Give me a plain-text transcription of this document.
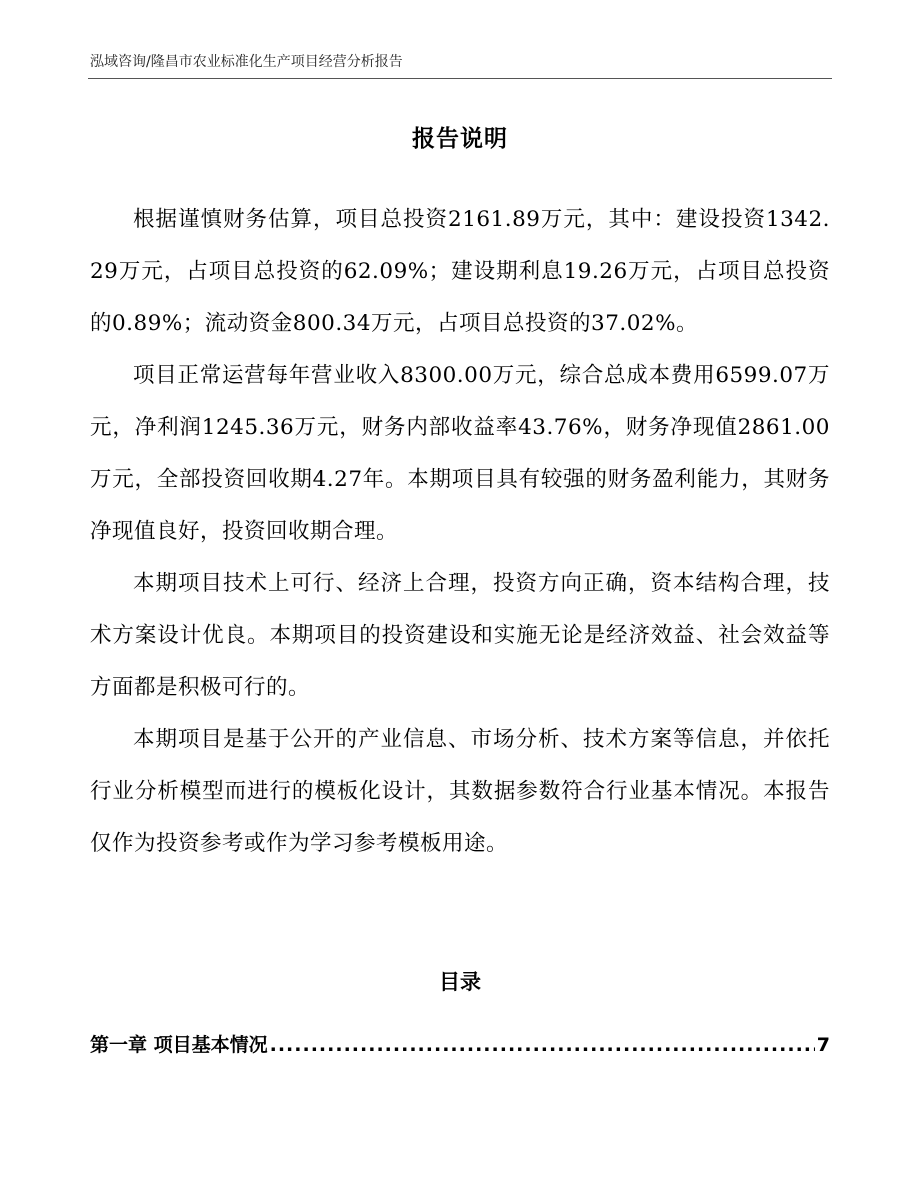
泓域咨询/隆昌市农业标准化生产项目经营分析报告
报告说明

根据谨慎财务估算，项目总投资2161.89万元，其中：建设投资1342.29万元，占项目总投资的62.09%；建设期利息19.26万元，占项目总投资的0.89%；流动资金800.34万元，占项目总投资的37.02%。

项目正常运营每年营业收入8300.00万元，综合总成本费用6599.07万元，净利润1245.36万元，财务内部收益率43.76%，财务净现值2861.00万元，全部投资回收期4.27年。本期项目具有较强的财务盈利能力，其财务净现值良好，投资回收期合理。

本期项目技术上可行、经济上合理，投资方向正确，资本结构合理，技术方案设计优良。本期项目的投资建设和实施无论是经济效益、社会效益等方面都是积极可行的。

本期项目是基于公开的产业信息、市场分析、技术方案等信息，并依托行业分析模型而进行的模板化设计，其数据参数符合行业基本情况。本报告仅作为投资参考或作为学习参考模板用途。

目录
第一章 项目基本情况
.....	7
